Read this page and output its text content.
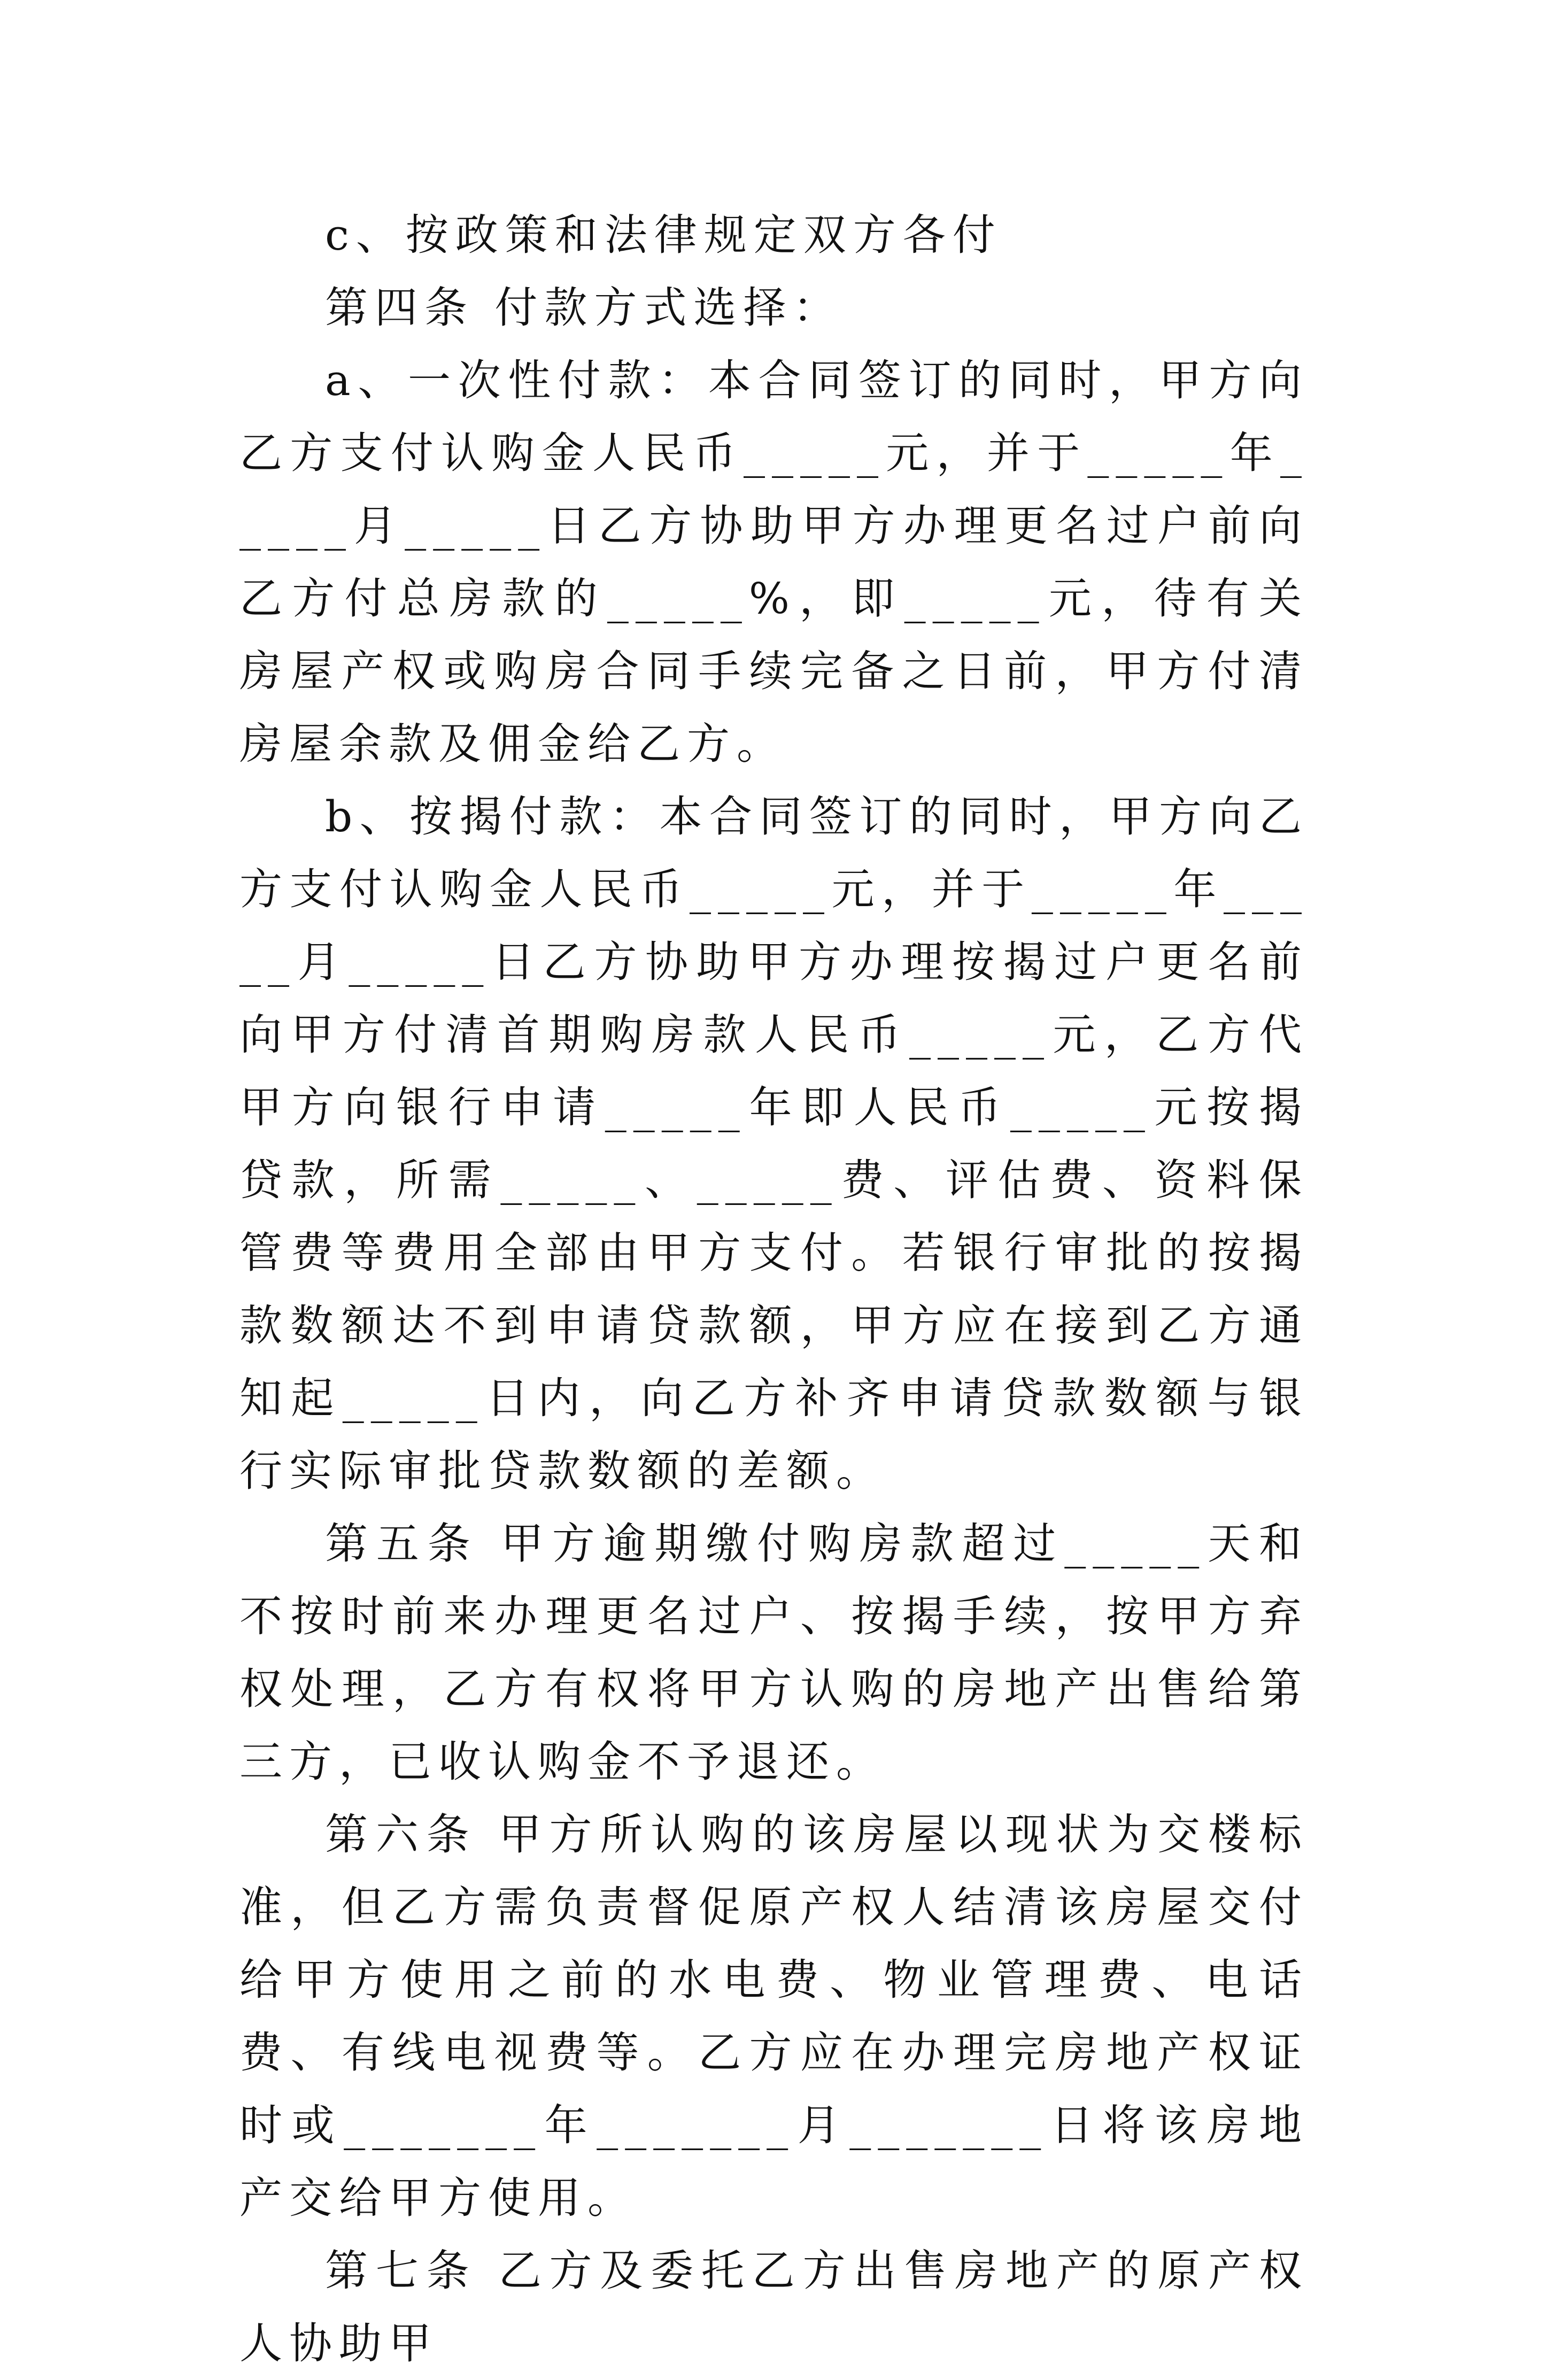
c、按政策和法律规定双方各付

第四条 付款方式选择：

a、一次性付款：本合同签订的同时，甲方向乙方支付认购金人民币_____元，并于_____年_____月_____日乙方协助甲方办理更名过户前向乙方付总房款的_____%，即_____元，待有关房屋产权或购房合同手续完备之日前，甲方付清房屋余款及佣金给乙方。

b、按揭付款：本合同签订的同时，甲方向乙方支付认购金人民币_____元，并于_____年_____月_____日乙方协助甲方办理按揭过户更名前向甲方付清首期购房款人民币_____元，乙方代甲方向银行申请_____年即人民币_____元按揭贷款，所需_____、_____费、评估费、资料保管费等费用全部由甲方支付。若银行审批的按揭款数额达不到申请贷款额，甲方应在接到乙方通知起_____日内，向乙方补齐申请贷款数额与银行实际审批贷款数额的差额。

第五条 甲方逾期缴付购房款超过_____天和不按时前来办理更名过户、按揭手续，按甲方弃权处理，乙方有权将甲方认购的房地产出售给第三方，已收认购金不予退还。

第六条 甲方所认购的该房屋以现状为交楼标准，但乙方需负责督促原产权人结清该房屋交付给甲方使用之前的水电费、物业管理费、电话费、有线电视费等。乙方应在办理完房地产权证时或_______年_______月_______日将该房地产交给甲方使用。

第七条 乙方及委托乙方出售房地产的原产权人协助甲
